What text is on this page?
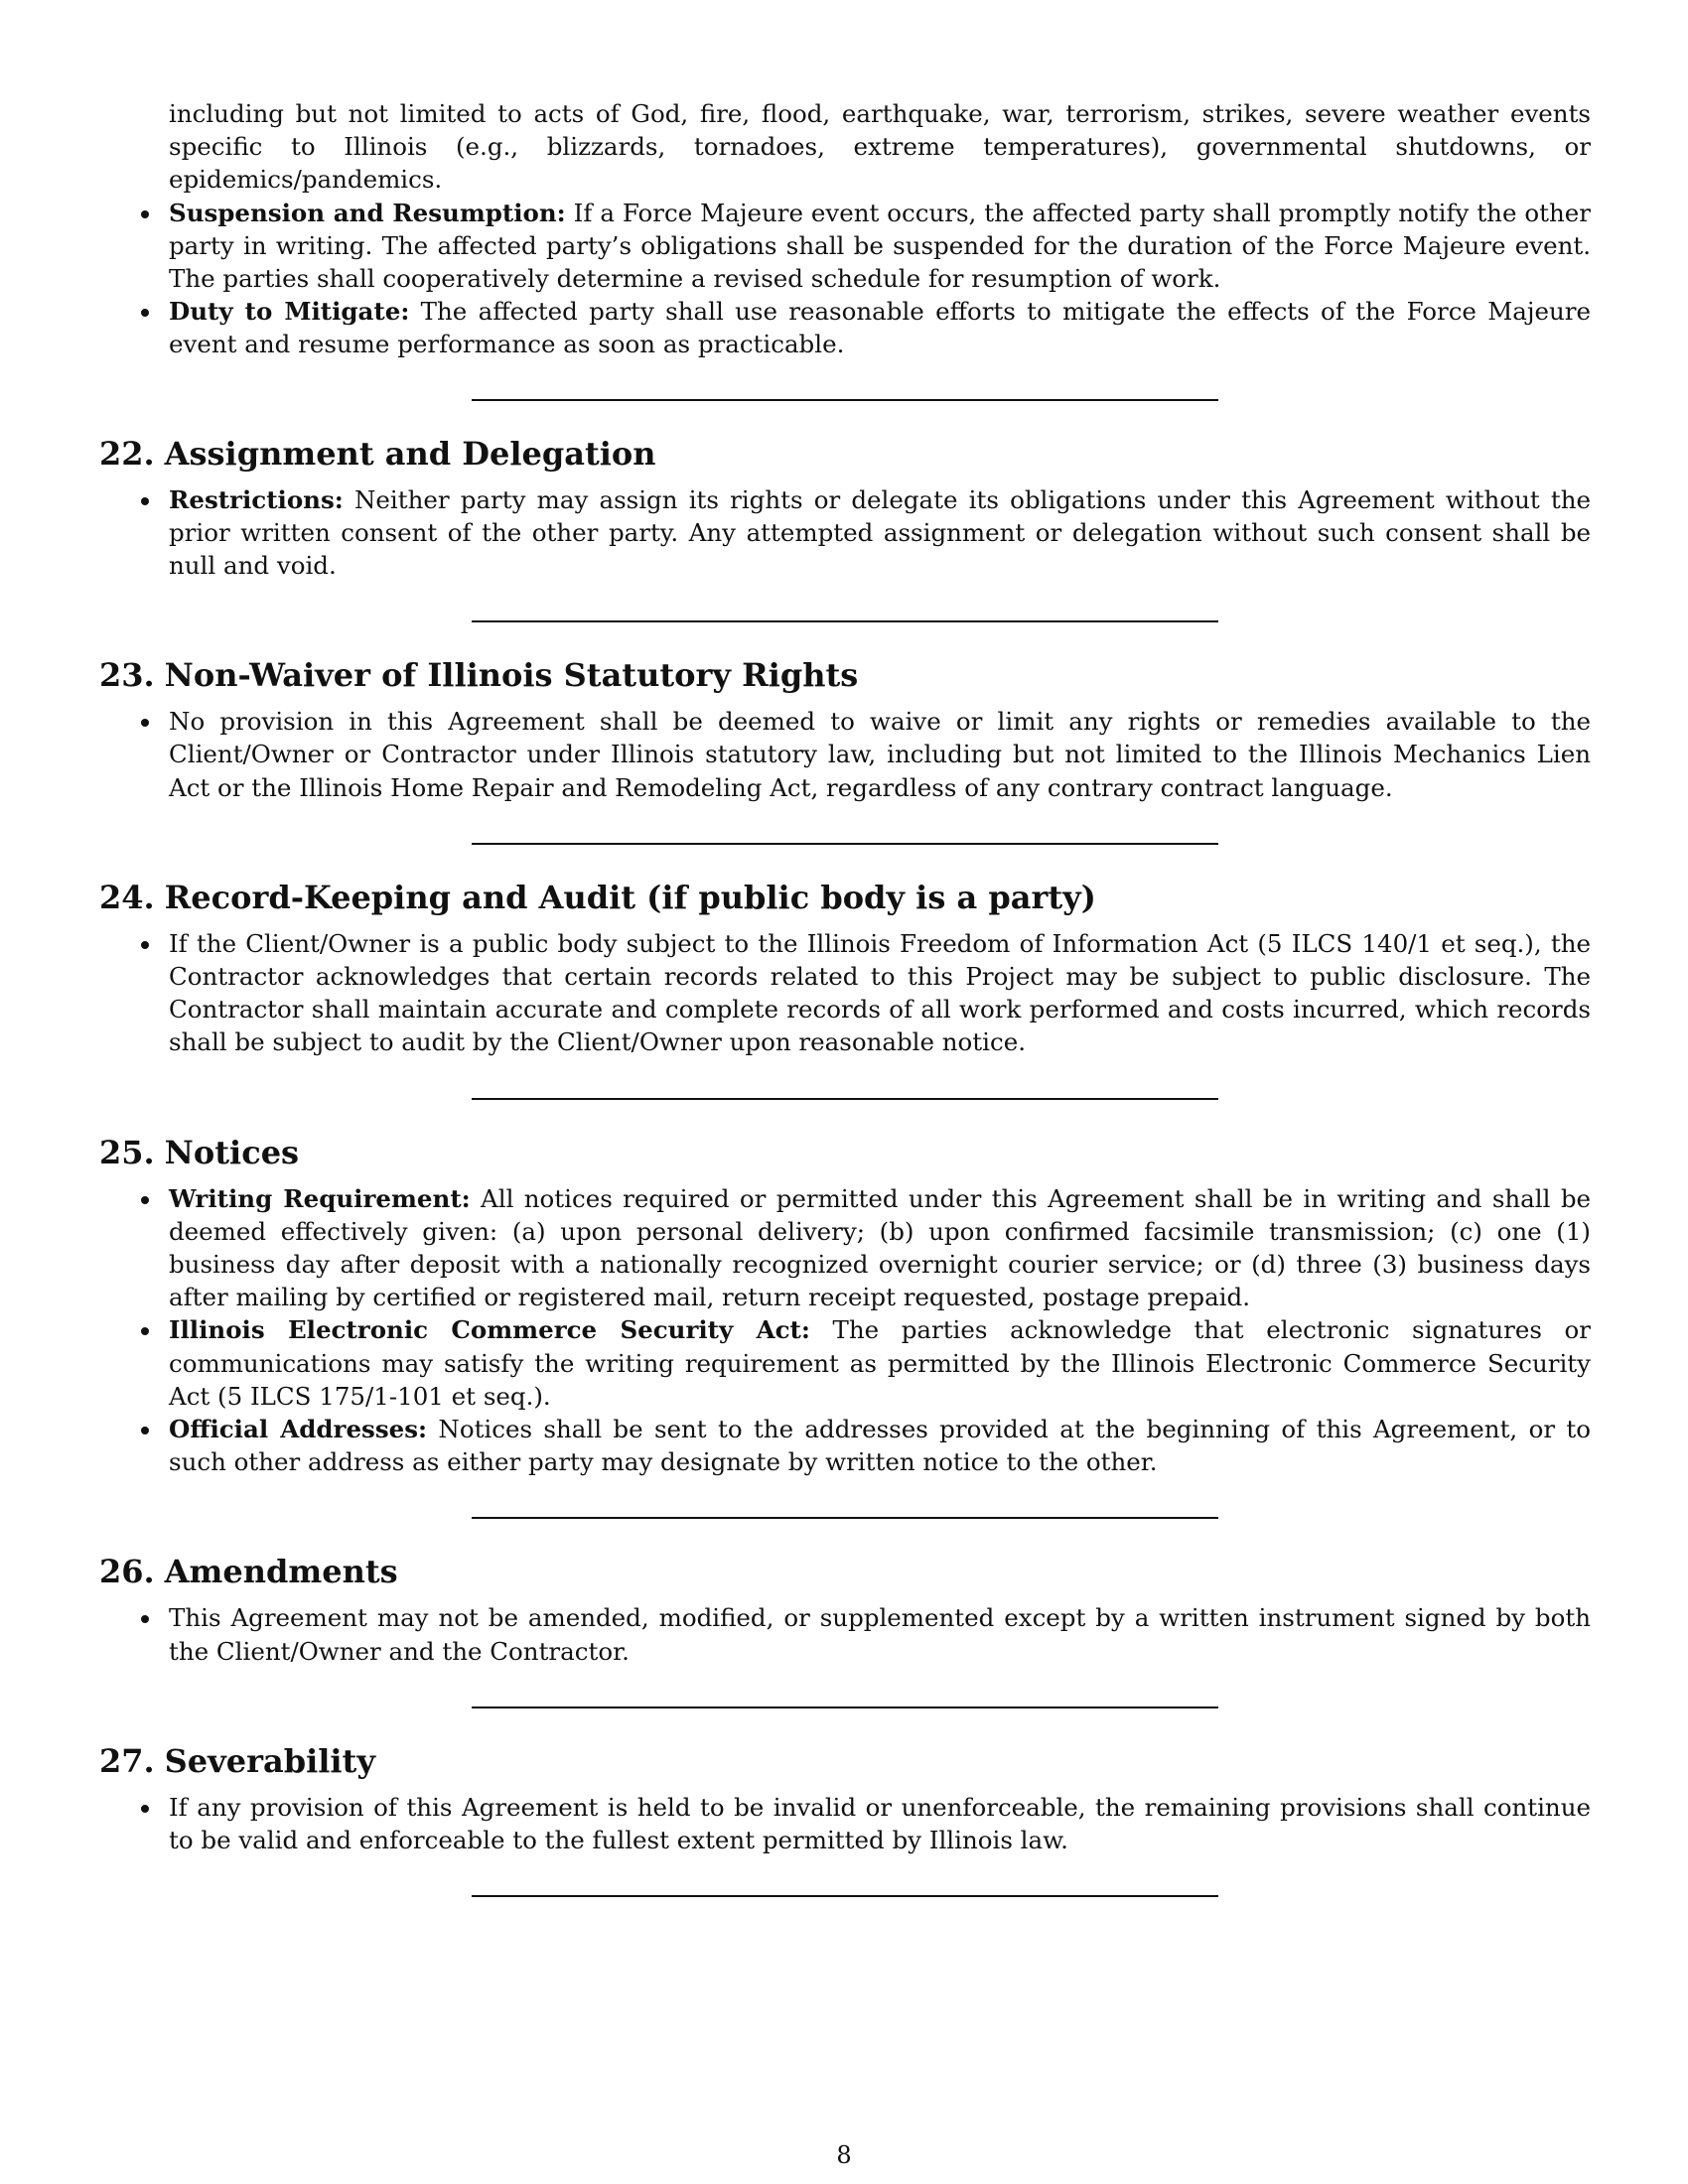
including but not limited to acts of God, fire, flood, earthquake, war, terrorism, strikes, severe weather events specific to Illinois (e.g., blizzards, tornadoes, extreme temperatures), governmental shutdowns, or epidemics/pandemics.
Suspension and Resumption: If a Force Majeure event occurs, the affected party shall promptly notify the other party in writing. The affected party’s obligations shall be suspended for the duration of the Force Majeure event. The parties shall cooperatively determine a revised schedule for resumption of work.
Duty to Mitigate: The affected party shall use reasonable efforts to mitigate the effects of the Force Majeure event and resume performance as soon as practicable.
22. Assignment and Delegation
Restrictions: Neither party may assign its rights or delegate its obligations under this Agreement without the prior written consent of the other party. Any attempted assignment or delegation without such consent shall be null and void.
23. Non-Waiver of Illinois Statutory Rights
No provision in this Agreement shall be deemed to waive or limit any rights or remedies available to the Client/Owner or Contractor under Illinois statutory law, including but not limited to the Illinois Mechanics Lien Act or the Illinois Home Repair and Remodeling Act, regardless of any contrary contract language.
24. Record-Keeping and Audit (if public body is a party)
If the Client/Owner is a public body subject to the Illinois Freedom of Information Act (5 ILCS 140/1 et seq.), the Contractor acknowledges that certain records related to this Project may be subject to public disclosure. The Contractor shall maintain accurate and complete records of all work performed and costs incurred, which records shall be subject to audit by the Client/Owner upon reasonable notice.
25. Notices
Writing Requirement: All notices required or permitted under this Agreement shall be in writing and shall be deemed effectively given: (a) upon personal delivery; (b) upon confirmed facsimile transmission; (c) one (1) business day after deposit with a nationally recognized overnight courier service; or (d) three (3) business days after mailing by certified or registered mail, return receipt requested, postage prepaid.
Illinois Electronic Commerce Security Act: The parties acknowledge that electronic signatures or communications may satisfy the writing requirement as permitted by the Illinois Electronic Commerce Security Act (5 ILCS 175/1-101 et seq.).
Official Addresses: Notices shall be sent to the addresses provided at the beginning of this Agreement, or to such other address as either party may designate by written notice to the other.
26. Amendments
This Agreement may not be amended, modified, or supplemented except by a written instrument signed by both the Client/Owner and the Contractor.
27. Severability
If any provision of this Agreement is held to be invalid or unenforceable, the remaining provisions shall continue to be valid and enforceable to the fullest extent permitted by Illinois law.
8
